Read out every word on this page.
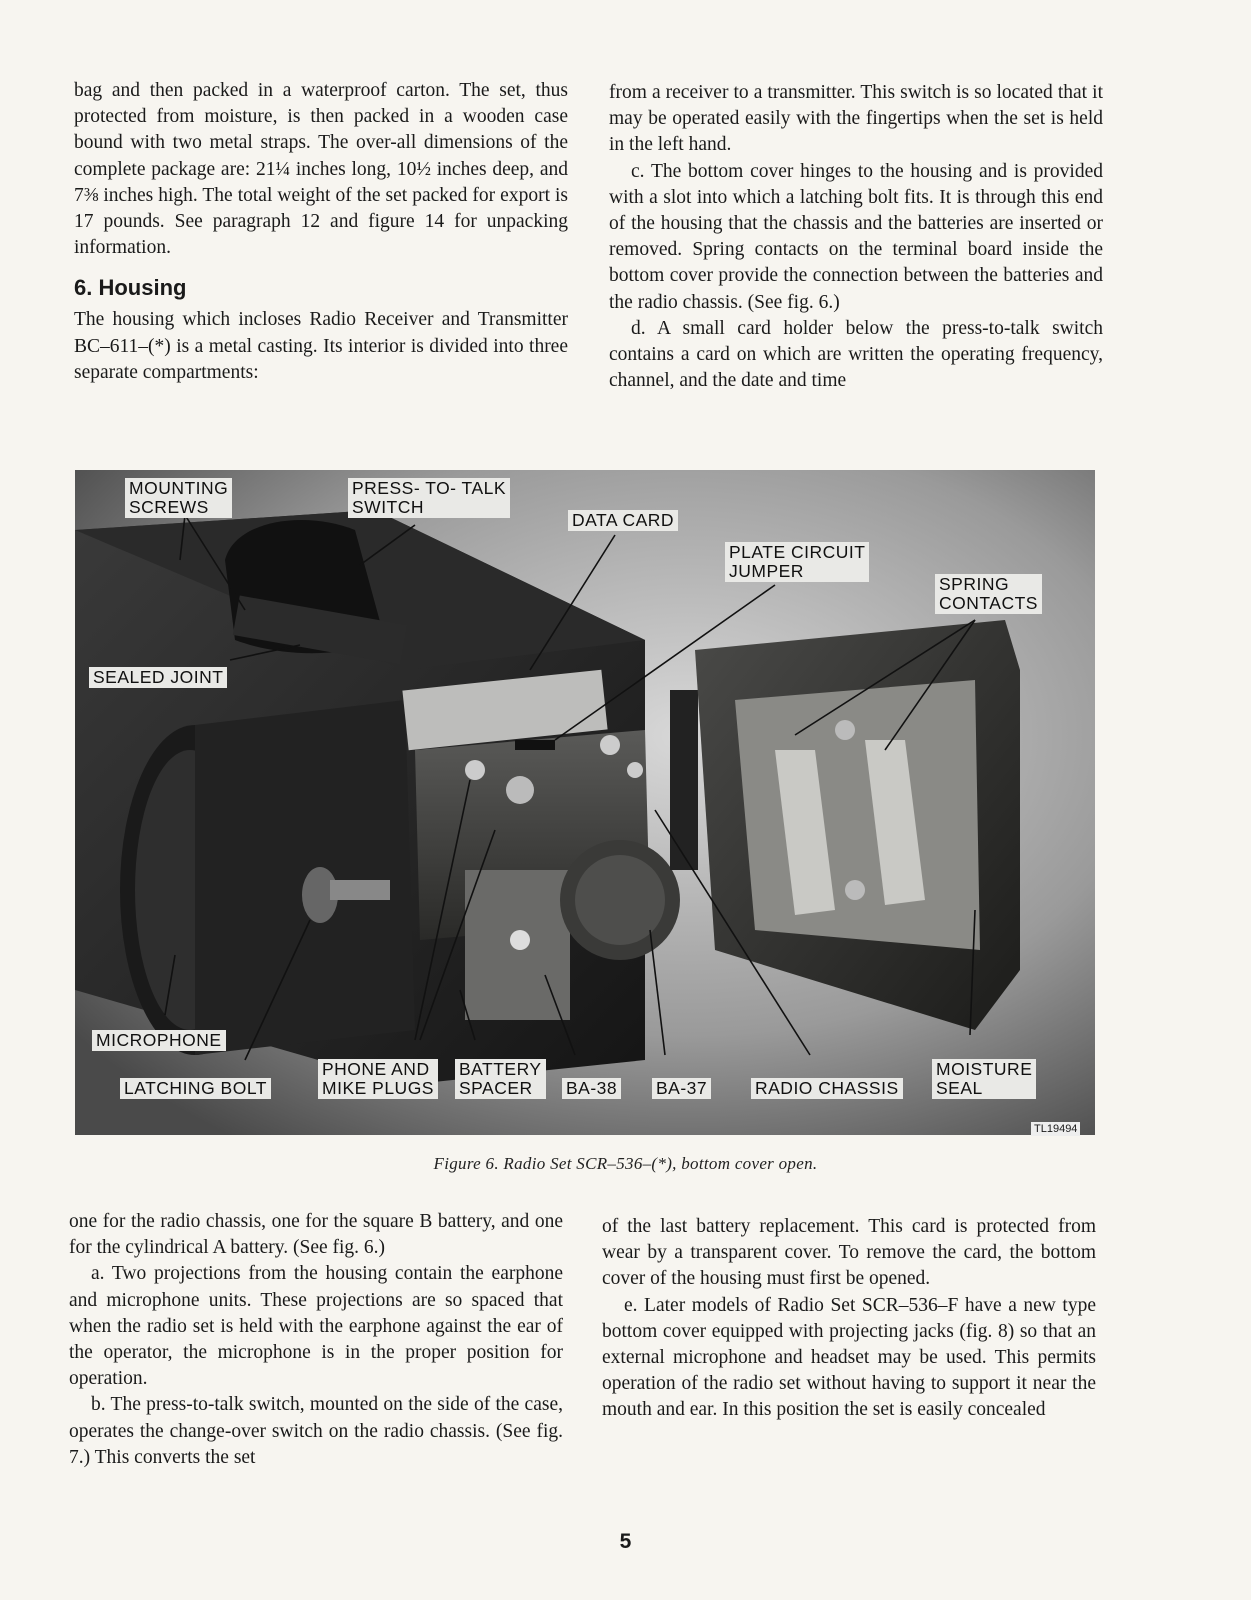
bag and then packed in a waterproof carton. The set, thus protected from moisture, is then packed in a wooden case bound with two metal straps. The over-all dimensions of the complete package are: 21¼ inches long, 10½ inches deep, and 7⅜ inches high. The total weight of the set packed for export is 17 pounds. See paragraph 12 and figure 14 for unpacking information.

6. Housing

The housing which incloses Radio Receiver and Transmitter BC–611–(*) is a metal casting. Its interior is divided into three separate compartments:

from a receiver to a transmitter. This switch is so located that it may be operated easily with the fingertips when the set is held in the left hand.

c. The bottom cover hinges to the housing and is provided with a slot into which a latching bolt fits. It is through this end of the housing that the chassis and the batteries are inserted or removed. Spring contacts on the terminal board inside the bottom cover provide the connection between the batteries and the radio chassis. (See fig. 6.)

d. A small card holder below the press-to-talk switch contains a card on which are written the operating frequency, channel, and the date and time

MOUNTING
SCREWS
PRESS- TO- TALK
SWITCH
DATA CARD
PLATE CIRCUIT
JUMPER
SPRING
CONTACTS
SEALED JOINT
MICROPHONE
LATCHING BOLT
PHONE AND
MIKE PLUGS
BATTERY
SPACER	BA-38 BA-37	RADIO CHASSIS
MOISTURE
SEAL
TL19494
Figure 6. Radio Set SCR–536–(*), bottom cover open.

one for the radio chassis, one for the square B battery, and one for the cylindrical A battery. (See fig. 6.)

a. Two projections from the housing contain the earphone and microphone units. These projections are so spaced that when the radio set is held with the earphone against the ear of the operator, the microphone is in the proper position for operation.

b. The press-to-talk switch, mounted on the side of the case, operates the change-over switch on the radio chassis. (See fig. 7.) This converts the set

of the last battery replacement. This card is protected from wear by a transparent cover. To remove the card, the bottom cover of the housing must first be opened.

e. Later models of Radio Set SCR–536–F have a new type bottom cover equipped with projecting jacks (fig. 8) so that an external microphone and headset may be used. This permits operation of the radio set without having to support it near the mouth and ear. In this position the set is easily concealed

5
